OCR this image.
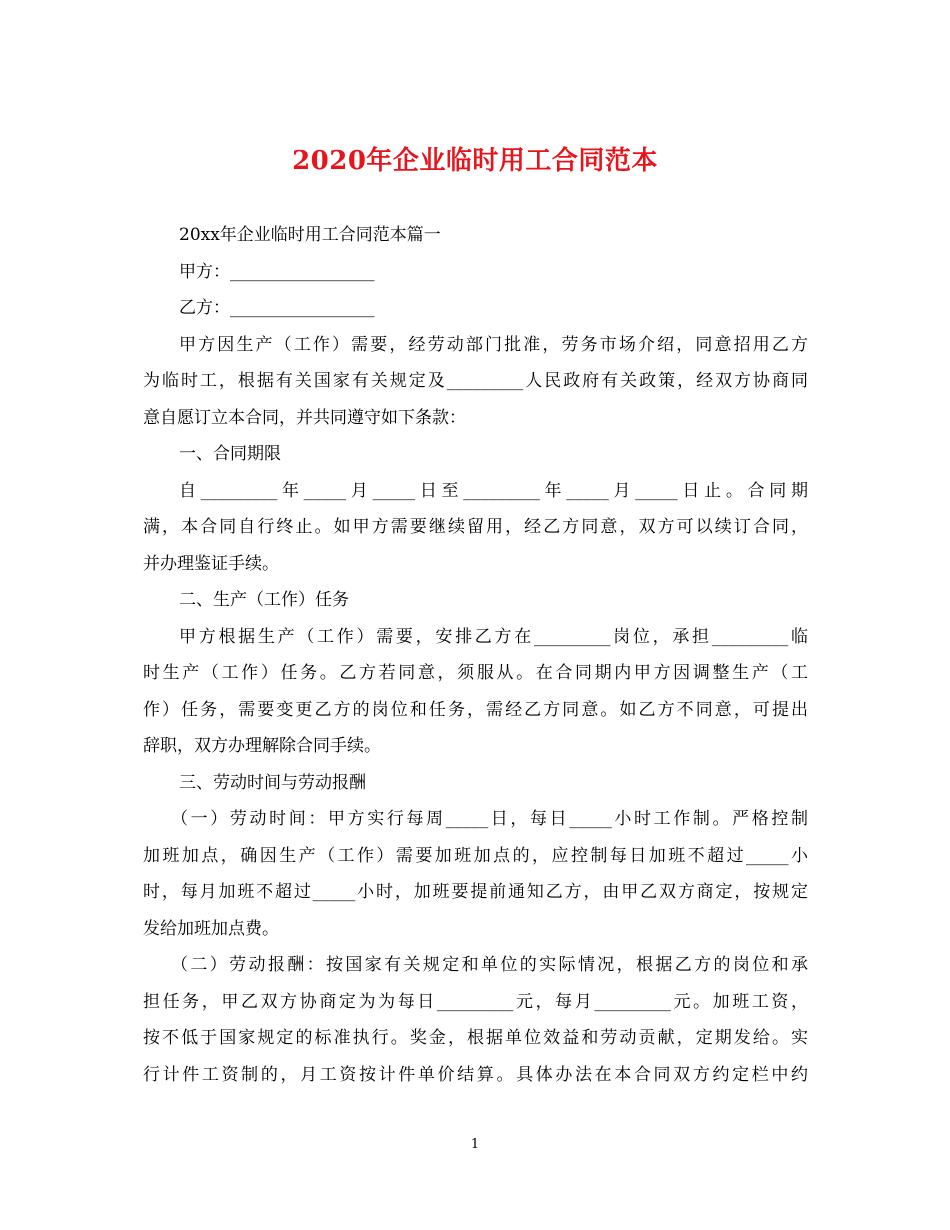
2020年企业临时用工合同范本
20xx年企业临时用工合同范本篇一
甲方：_________________
乙方：_________________
甲方因生产（工作）需要，经劳动部门批准，劳务市场介绍，同意招用乙方
为临时工，根据有关国家有关规定及_________人民政府有关政策，经双方协商同
意自愿订立本合同，并共同遵守如下条款：
一、合同期限
自_________年_____月_____日至_________年_____月_____日止。合同期
满，本合同自行终止。如甲方需要继续留用，经乙方同意，双方可以续订合同，
并办理鉴证手续。
二、生产（工作）任务
甲方根据生产（工作）需要，安排乙方在_________岗位，承担_________临
时生产（工作）任务。乙方若同意，须服从。在合同期内甲方因调整生产（工
作）任务，需要变更乙方的岗位和任务，需经乙方同意。如乙方不同意，可提出
辞职，双方办理解除合同手续。
三、劳动时间与劳动报酬
（一）劳动时间：甲方实行每周_____日，每日_____小时工作制。严格控制
加班加点，确因生产（工作）需要加班加点的，应控制每日加班不超过_____小
时，每月加班不超过_____小时，加班要提前通知乙方，由甲乙双方商定，按规定
发给加班加点费。
（二）劳动报酬：按国家有关规定和单位的实际情况，根据乙方的岗位和承
担任务，甲乙双方协商定为为每日_________元，每月_________元。加班工资，
按不低于国家规定的标准执行。奖金，根据单位效益和劳动贡献，定期发给。实
行计件工资制的，月工资按计件单价结算。具体办法在本合同双方约定栏中约
1
